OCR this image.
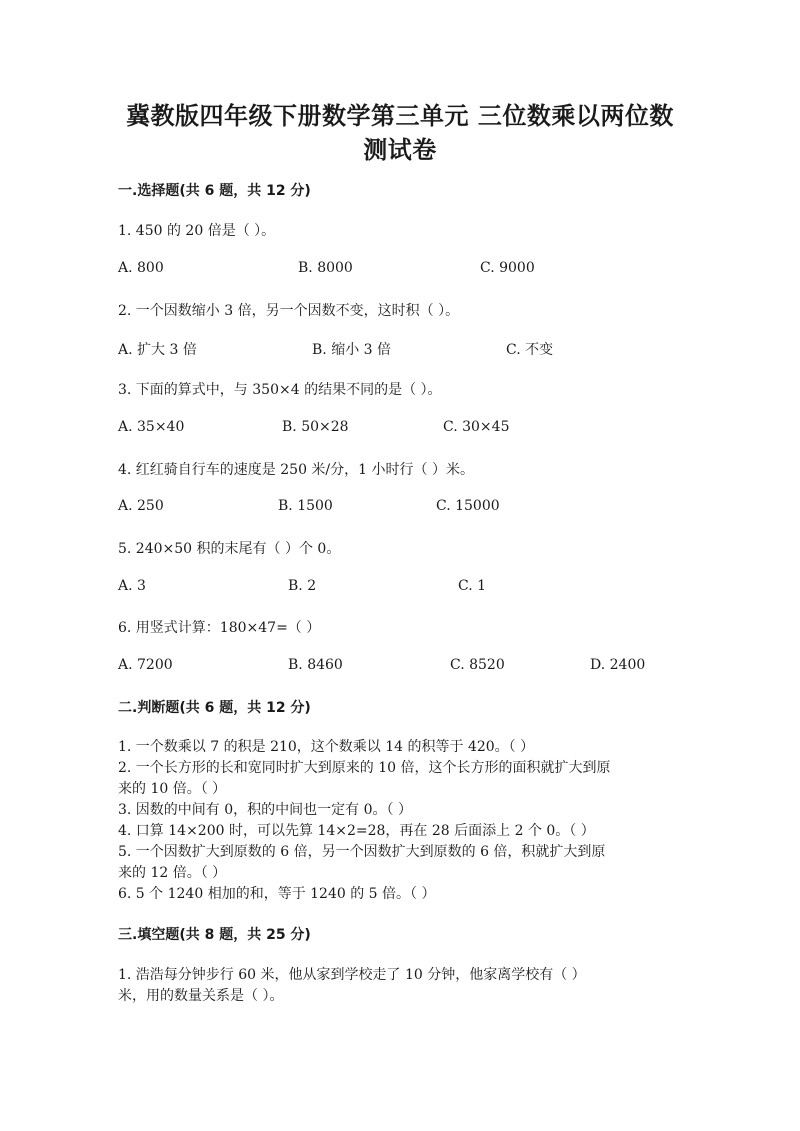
冀教版四年级下册数学第三单元 三位数乘以两位数
测试卷
一.选择题(共 6 题，共 12 分)
1. 450 的 20 倍是（ ）。
A. 800	B. 8000	C. 9000
2. 一个因数缩小 3 倍，另一个因数不变，这时积（ ）。
A. 扩大 3 倍	B. 缩小 3 倍	C. 不变
3. 下面的算式中，与 350×4 的结果不同的是（ ）。
A. 35×40	B. 50×28	C. 30×45
4. 红红骑自行车的速度是 250 米/分，1 小时行（ ）米。
A. 250	B. 1500	C. 15000
5. 240×50 积的末尾有（ ）个 0。
A. 3	B. 2	C. 1
6. 用竖式计算：180×47=（ ）
A. 7200	B. 8460	C. 8520	D. 2400
二.判断题(共 6 题，共 12 分)
1. 一个数乘以 7 的积是 210，这个数乘以 14 的积等于 420。（ ）
2. 一个长方形的长和宽同时扩大到原来的 10 倍，这个长方形的面积就扩大到原
来的 10 倍。（ ）
3. 因数的中间有 0，积的中间也一定有 0。（ ）
4. 口算 14×200 时，可以先算 14×2=28，再在 28 后面添上 2 个 0。（ ）
5. 一个因数扩大到原数的 6 倍，另一个因数扩大到原数的 6 倍，积就扩大到原
来的 12 倍。（ ）
6. 5 个 1240 相加的和，等于 1240 的 5 倍。（ ）
三.填空题(共 8 题，共 25 分)
1. 浩浩每分钟步行 60 米，他从家到学校走了 10 分钟，他家离学校有（ ）
米，用的数量关系是（ ）。
